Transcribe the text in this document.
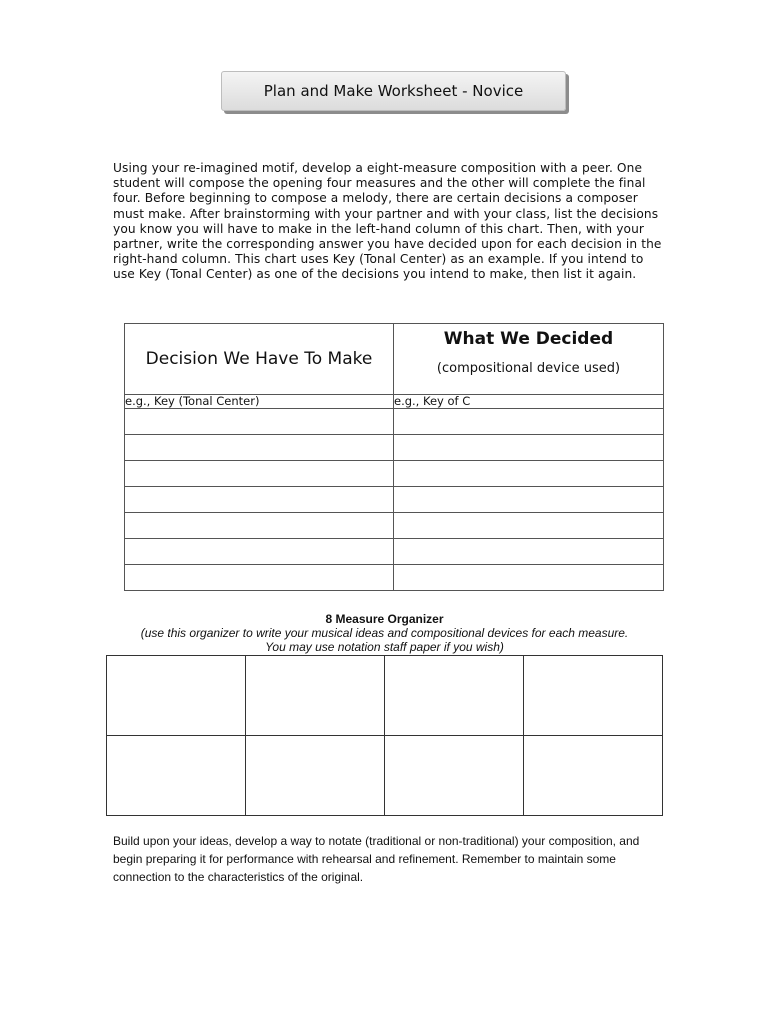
Plan and Make Worksheet - Novice

Using your re-imagined motif, develop a eight-measure composition with a peer. One student will compose the opening four measures and the other will complete the final four. Before beginning to compose a melody, there are certain decisions a composer must make. After brainstorming with your partner and with your class, list the decisions you know you will have to make in the left-hand column of this chart. Then, with your partner, write the corresponding answer you have decided upon for each decision in the right-hand column. This chart uses Key (Tonal Center) as an example. If you intend to use Key (Tonal Center) as one of the decisions you intend to make, then list it again.

Decision We Have To Make	What We Decided
(compositional device used)

e.g., Key (Tonal Center)	e.g., Key of C

8 Measure Organizer
(use this organizer to write your musical ideas and compositional devices for each measure.
You may use notation staff paper if you wish)

Build upon your ideas, develop a way to notate (traditional or non-traditional) your composition, and begin preparing it for performance with rehearsal and refinement. Remember to maintain some connection to the characteristics of the original.
